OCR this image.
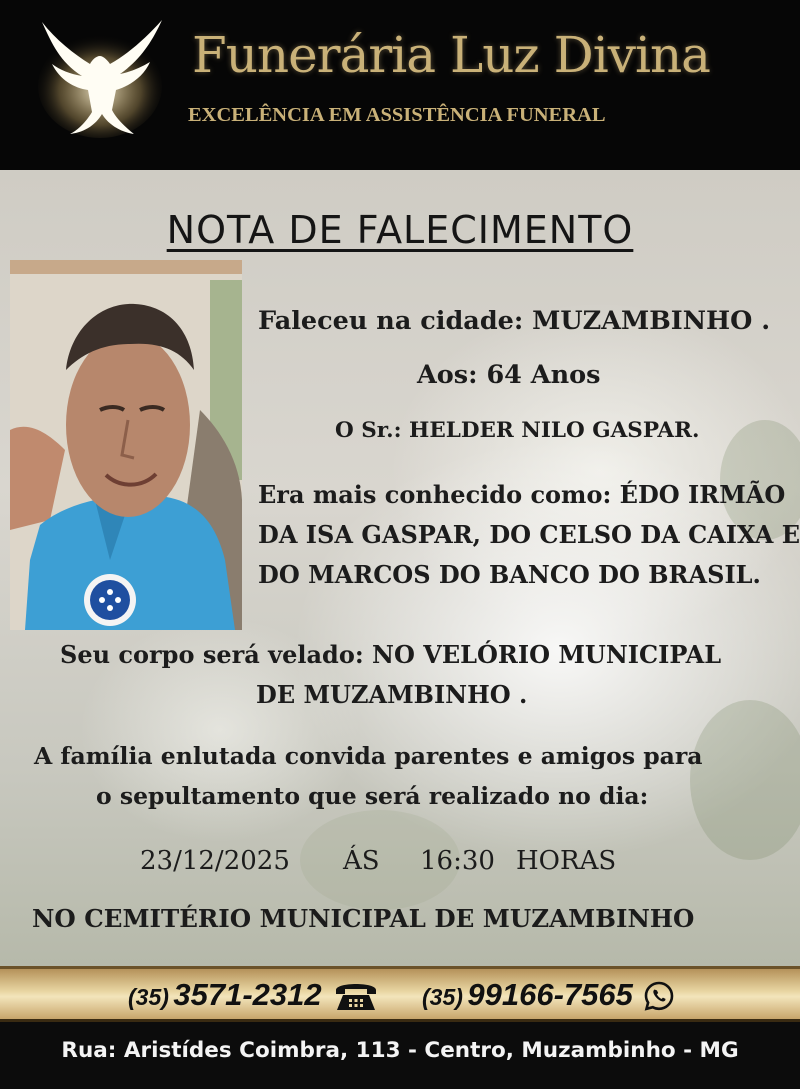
Funerária Luz Divina
EXCELÊNCIA EM ASSISTÊNCIA FUNERAL
NOTA DE FALECIMENTO
Faleceu na cidade: MUZAMBINHO .
Aos: 64 Anos
O Sr.: HELDER NILO GASPAR.
Era mais conhecido como: ÉDO IRMÃO
DA ISA GASPAR, DO CELSO DA CAIXA E
DO MARCOS DO BANCO DO BRASIL.
Seu corpo será velado: NO VELÓRIO MUNICIPAL
DE MUZAMBINHO .
A família enlutada convida parentes e amigos para
o sepultamento que será realizado no dia:
23/12/2025 ÁS 16:30 HORAS
NO CEMITÉRIO MUNICIPAL DE MUZAMBINHO
(35) 3571-2312	(35) 99166-7565
Rua: Aristídes Coimbra, 113 - Centro, Muzambinho - MG
